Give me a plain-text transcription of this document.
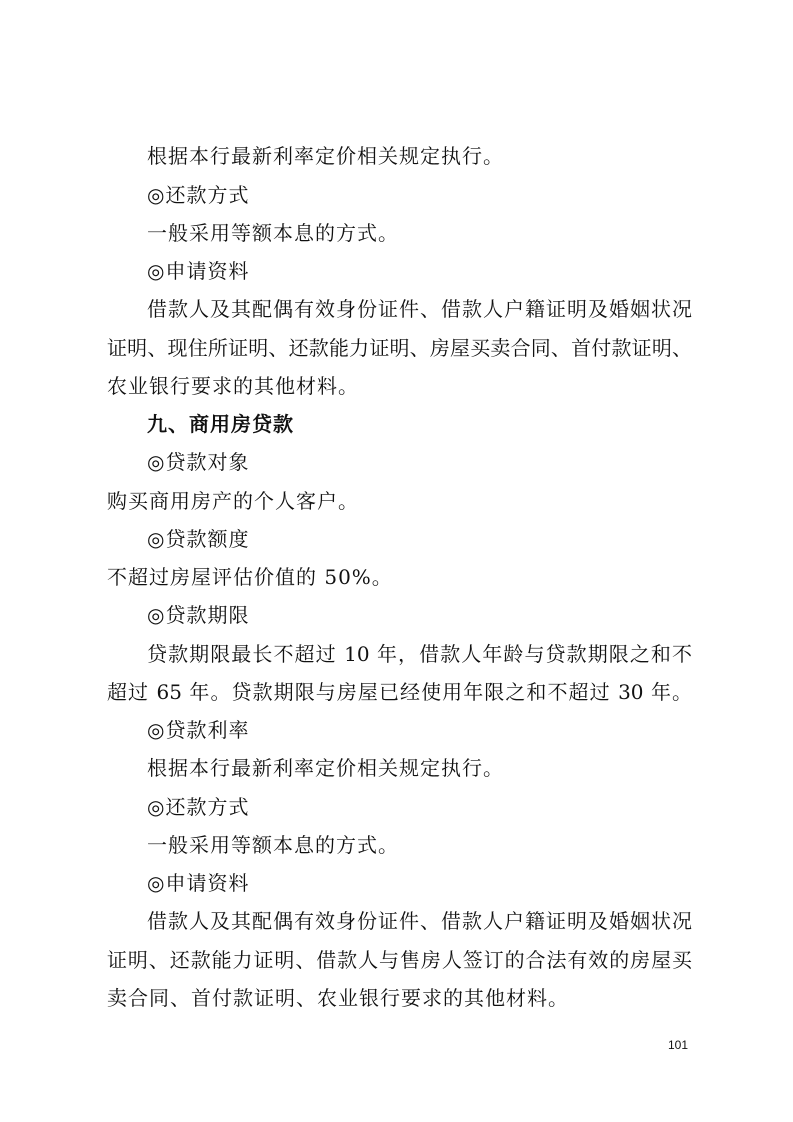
根据本行最新利率定价相关规定执行。
◎还款方式
一般采用等额本息的方式。
◎申请资料
借款人及其配偶有效身份证件、借款人户籍证明及婚姻状况
证明、现住所证明、还款能力证明、房屋买卖合同、首付款证明、
农业银行要求的其他材料。
九、商用房贷款
◎贷款对象
购买商用房产的个人客户。
◎贷款额度
不超过房屋评估价值的 50%。
◎贷款期限
贷款期限最长不超过 10 年，借款人年龄与贷款期限之和不
超过 65 年。贷款期限与房屋已经使用年限之和不超过 30 年。
◎贷款利率
根据本行最新利率定价相关规定执行。
◎还款方式
一般采用等额本息的方式。
◎申请资料
借款人及其配偶有效身份证件、借款人户籍证明及婚姻状况
证明、还款能力证明、借款人与售房人签订的合法有效的房屋买
卖合同、首付款证明、农业银行要求的其他材料。
101
